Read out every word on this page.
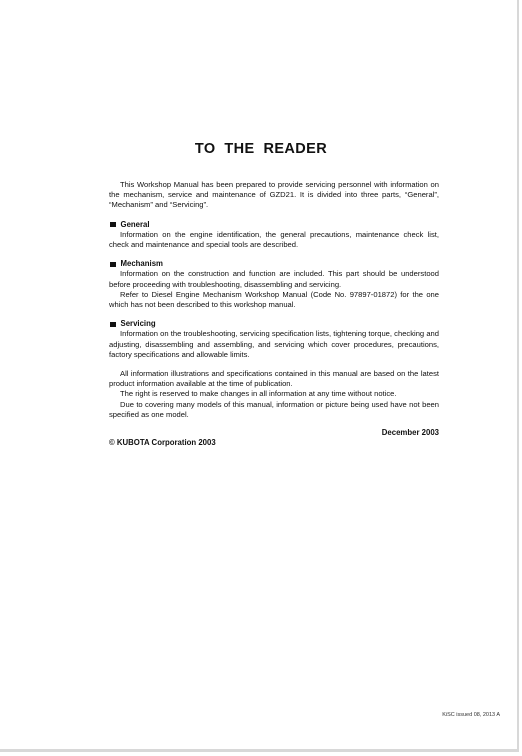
TO  THE  READER

This Workshop Manual has been prepared to provide servicing personnel with information on the mechanism, service and maintenance of GZD21. It is divided into three parts, “General”, “Mechanism” and “Servicing”.

General

Information on the engine identification, the general precautions, maintenance check list, check and maintenance and special tools are described.

Mechanism

Information on the construction and function are included. This part should be understood before proceeding with troubleshooting, disassembling and servicing.

Refer to Diesel Engine Mechanism Workshop Manual (Code No. 97897-01872) for the one which has not been described to this workshop manual.

Servicing

Information on the troubleshooting, servicing specification lists, tightening torque, checking and adjusting, disassembling and assembling, and servicing which cover procedures, precautions, factory specifications and allowable limits.

All information illustrations and specifications contained in this manual are based on the latest product information available at the time of publication.

The right is reserved to make changes in all information at any time without notice.

Due to covering many models of this manual, information or picture being used have not been specified as one model.

December 2003
© KUBOTA Corporation 2003
KiSC issued 08, 2013 A
